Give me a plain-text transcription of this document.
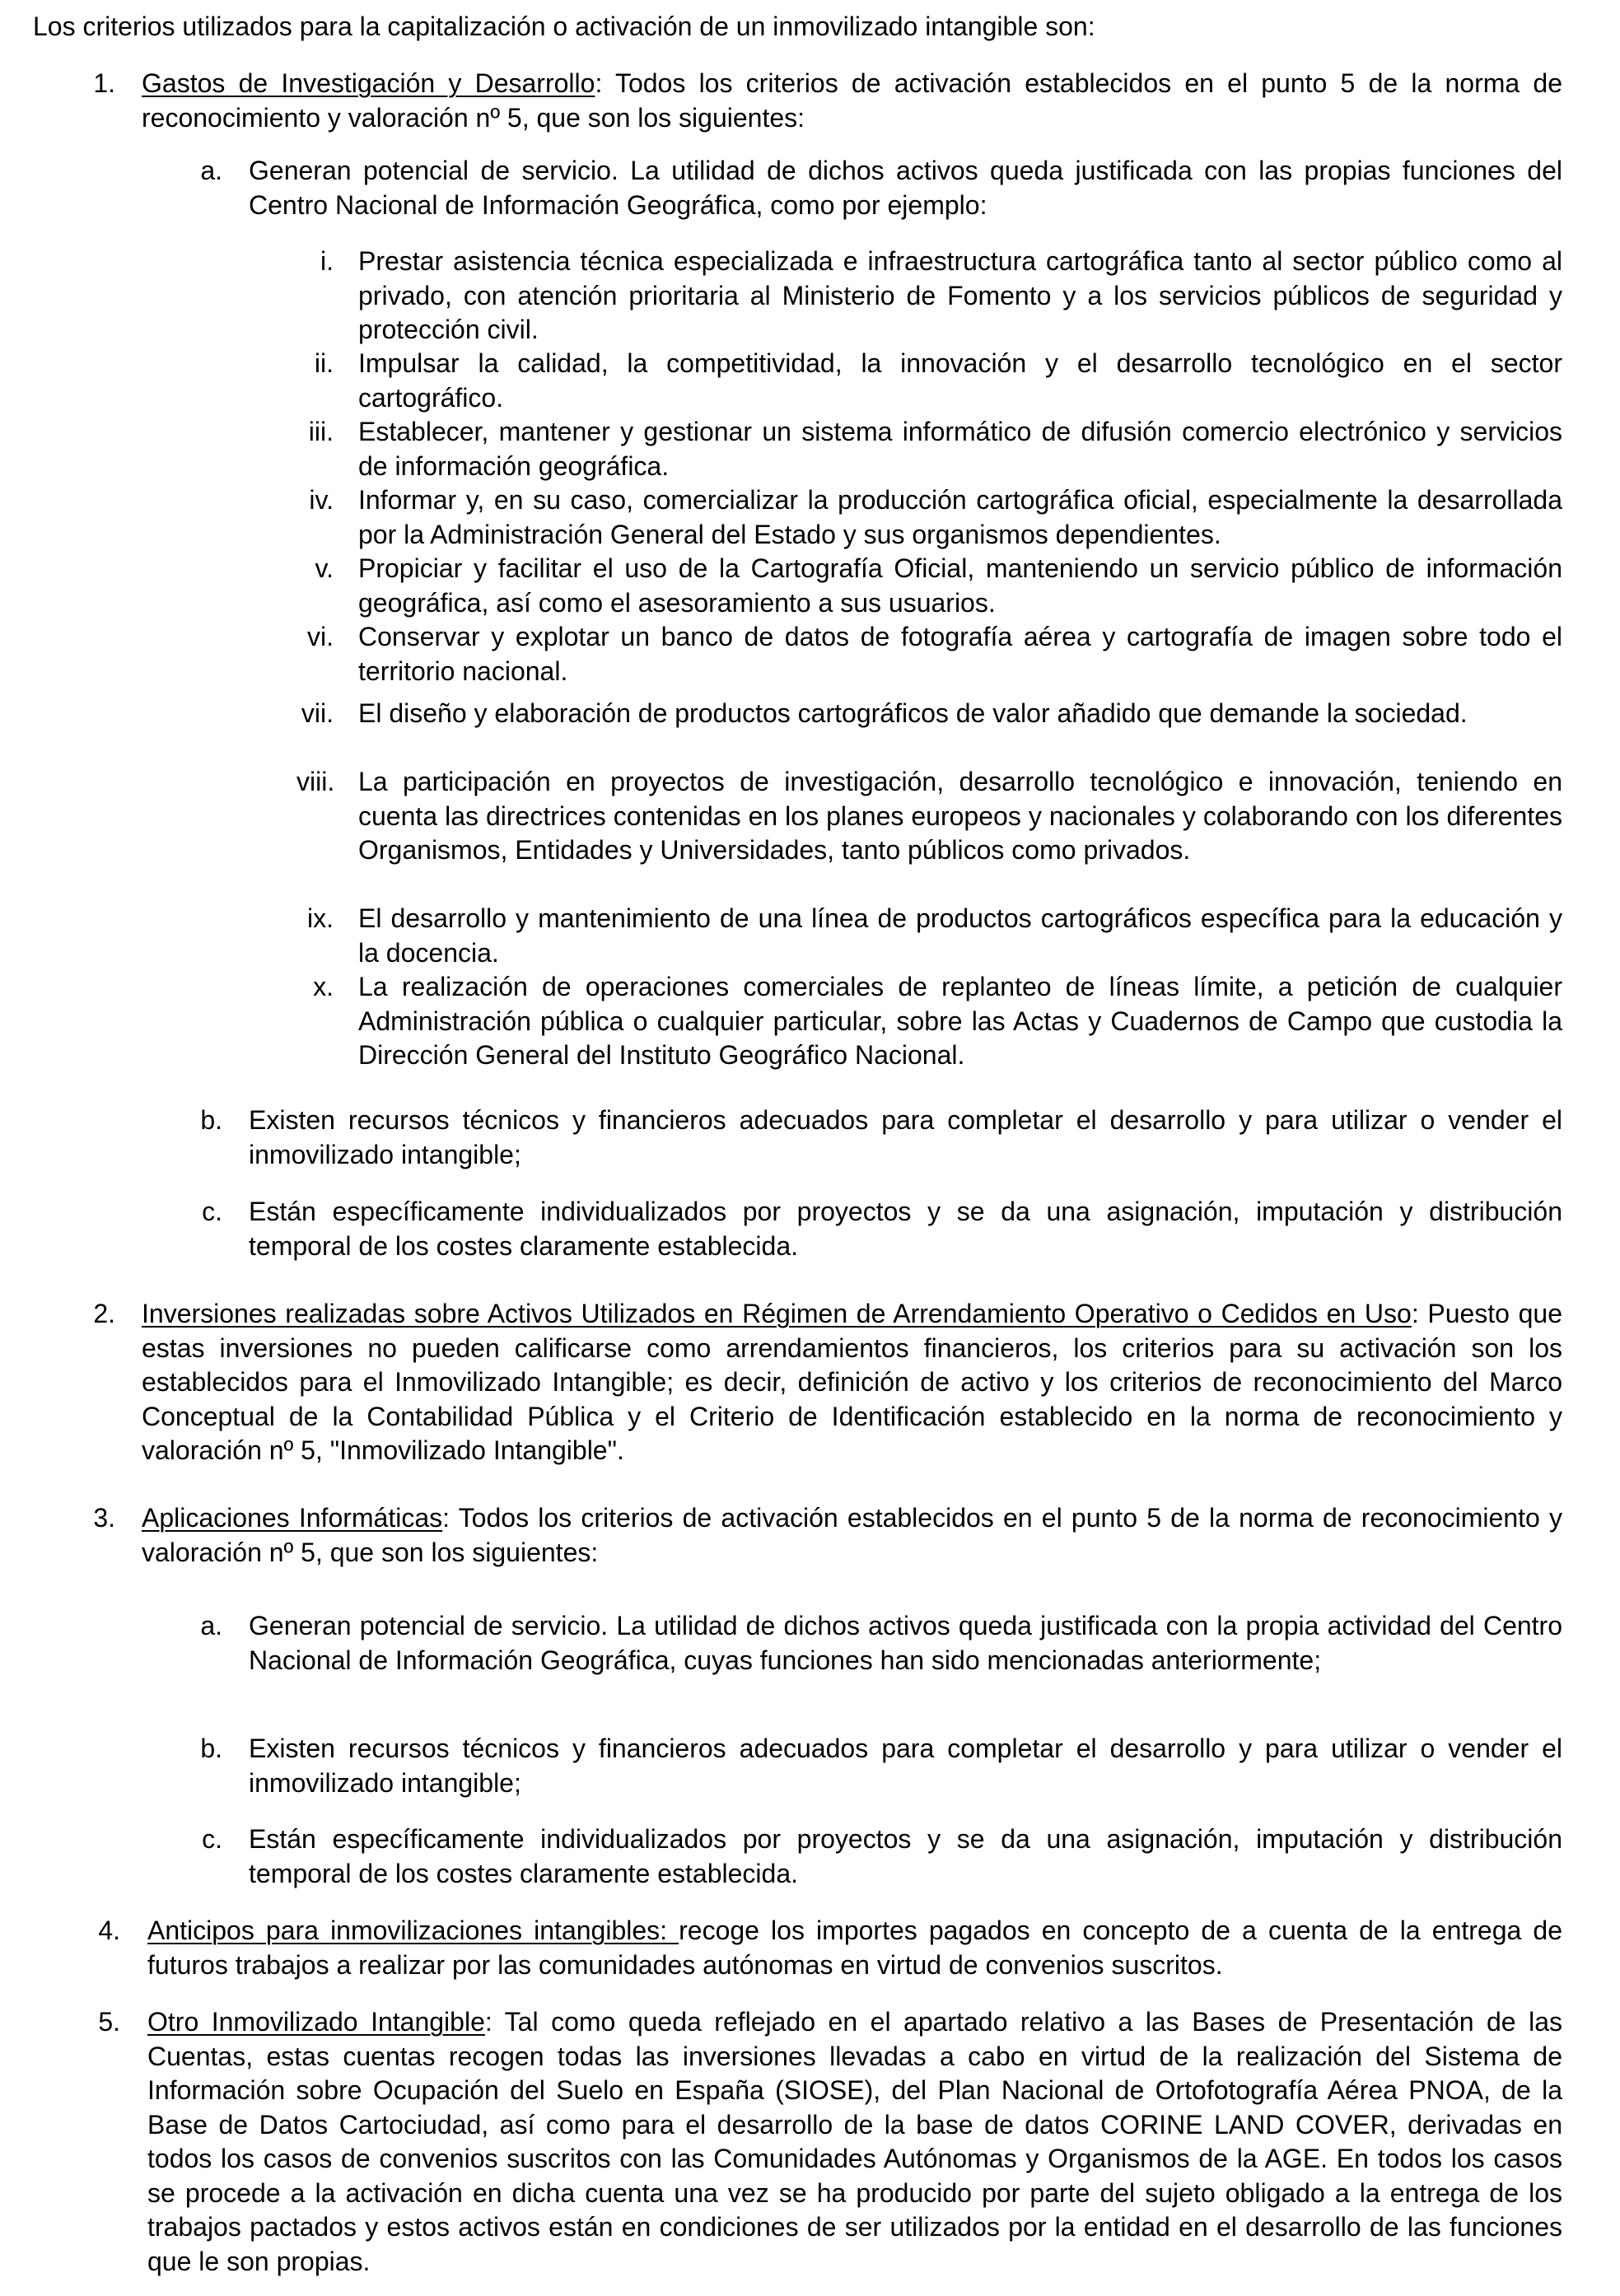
Los criterios utilizados para la capitalización o activación de un inmovilizado intangible son:
1. Gastos de Investigación y Desarrollo: Todos los criterios de activación establecidos en el punto 5 de la norma de reconocimiento y valoración nº 5, que son los siguientes:
a. Generan potencial de servicio. La utilidad de dichos activos queda justificada con las propias funciones del Centro Nacional de Información Geográfica, como por ejemplo:
i. Prestar asistencia técnica especializada e infraestructura cartográfica tanto al sector público como al privado, con atención prioritaria al Ministerio de Fomento y a los servicios públicos de seguridad y protección civil.
ii. Impulsar la calidad, la competitividad, la innovación y el desarrollo tecnológico en el sector cartográfico.
iii. Establecer, mantener y gestionar un sistema informático de difusión comercio electrónico y servicios de información geográfica.
iv. Informar y, en su caso, comercializar la producción cartográfica oficial, especialmente la desarrollada por la Administración General del Estado y sus organismos dependientes.
v. Propiciar y facilitar el uso de la Cartografía Oficial, manteniendo un servicio público de información geográfica, así como el asesoramiento a sus usuarios.
vi. Conservar y explotar un banco de datos de fotografía aérea y cartografía de imagen sobre todo el territorio nacional.
vii. El diseño y elaboración de productos cartográficos de valor añadido que demande la sociedad.
viii. La participación en proyectos de investigación, desarrollo tecnológico e innovación, teniendo en cuenta las directrices contenidas en los planes europeos y nacionales y colaborando con los diferentes Organismos, Entidades y Universidades, tanto públicos como privados.
ix. El desarrollo y mantenimiento de una línea de productos cartográficos específica para la educación y la docencia.
x. La realización de operaciones comerciales de replanteo de líneas límite, a petición de cualquier Administración pública o cualquier particular, sobre las Actas y Cuadernos de Campo que custodia la Dirección General del Instituto Geográfico Nacional.
b. Existen recursos técnicos y financieros adecuados para completar el desarrollo y para utilizar o vender el inmovilizado intangible;
c. Están específicamente individualizados por proyectos y se da una asignación, imputación y distribución temporal de los costes claramente establecida.
2. Inversiones realizadas sobre Activos Utilizados en Régimen de Arrendamiento Operativo o Cedidos en Uso: Puesto que estas inversiones no pueden calificarse como arrendamientos financieros, los criterios para su activación son los establecidos para el Inmovilizado Intangible; es decir, definición de activo y los criterios de reconocimiento del Marco Conceptual de la Contabilidad Pública y el Criterio de Identificación establecido en la norma de reconocimiento y valoración nº 5, "Inmovilizado Intangible".
3. Aplicaciones Informáticas: Todos los criterios de activación establecidos en el punto 5 de la norma de reconocimiento y valoración nº 5, que son los siguientes:
a. Generan potencial de servicio. La utilidad de dichos activos queda justificada con la propia actividad del Centro Nacional de Información Geográfica, cuyas funciones han sido mencionadas anteriormente;
b. Existen recursos técnicos y financieros adecuados para completar el desarrollo y para utilizar o vender el inmovilizado intangible;
c. Están específicamente individualizados por proyectos y se da una asignación, imputación y distribución temporal de los costes claramente establecida.
4. Anticipos para inmovilizaciones intangibles: recoge los importes pagados en concepto de a cuenta de la entrega de futuros trabajos a realizar por las comunidades autónomas en virtud de convenios suscritos.
5. Otro Inmovilizado Intangible: Tal como queda reflejado en el apartado relativo a las Bases de Presentación de las Cuentas, estas cuentas recogen todas las inversiones llevadas a cabo en virtud de la realización del Sistema de Información sobre Ocupación del Suelo en España (SIOSE), del Plan Nacional de Ortofotografía Aérea PNOA, de la Base de Datos Cartociudad, así como para el desarrollo de la base de datos CORINE LAND COVER, derivadas en todos los casos de convenios suscritos con las Comunidades Autónomas y Organismos de la AGE. En todos los casos se procede a la activación en dicha cuenta una vez se ha producido por parte del sujeto obligado a la entrega de los trabajos pactados y estos activos están en condiciones de ser utilizados por la entidad en el desarrollo de las funciones que le son propias.
